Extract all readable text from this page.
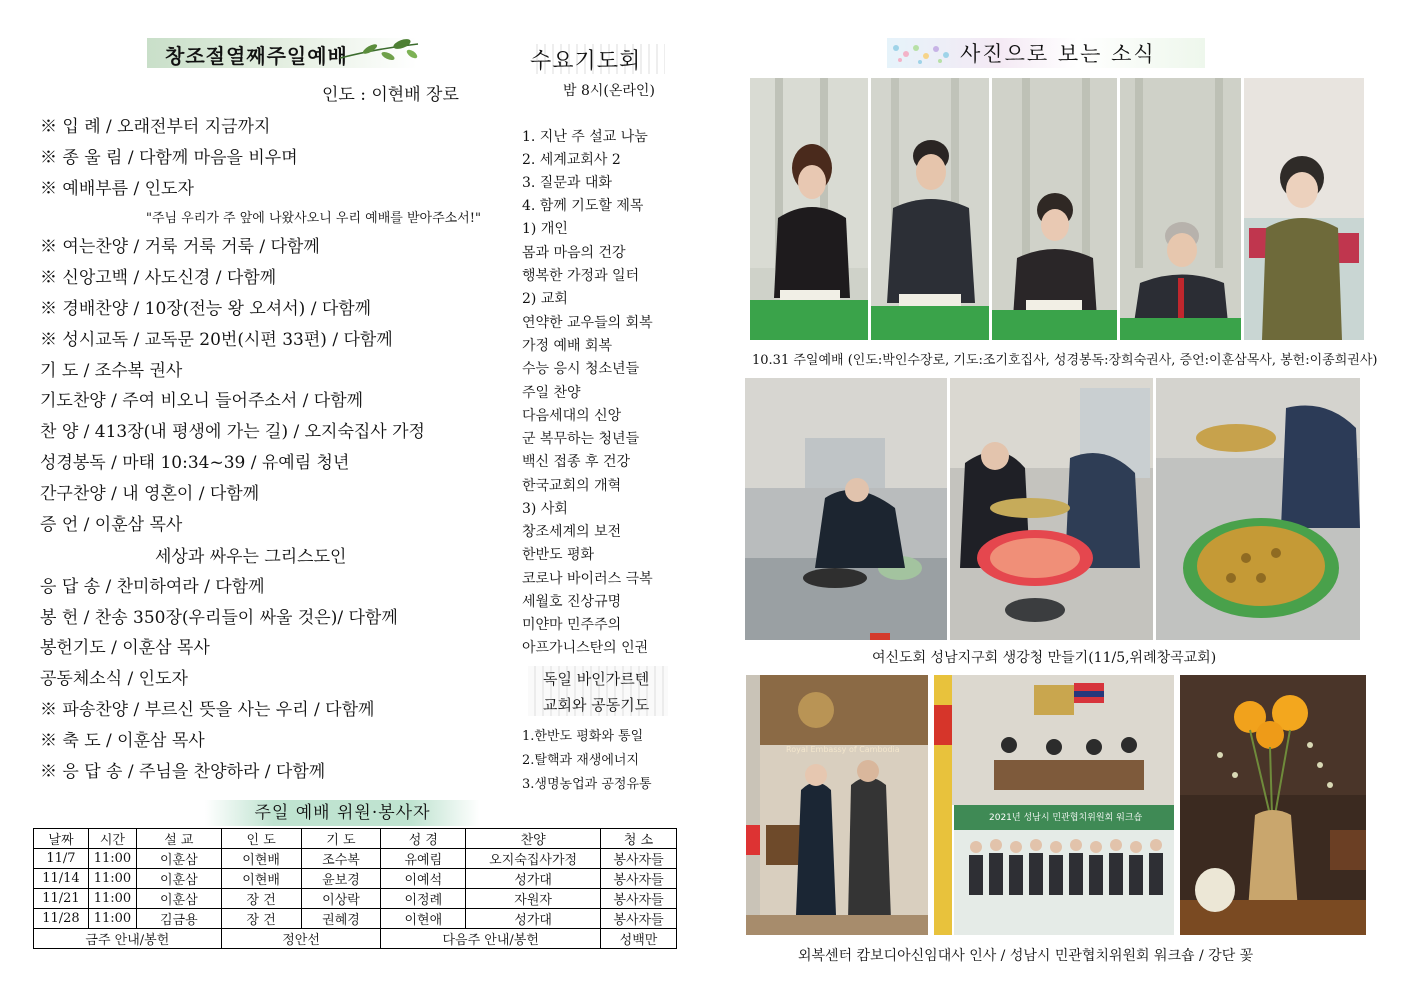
창조절열째주일예배
인도 : 이현배 장로
※ 입 례 / 오래전부터 지금까지
※ 종 울 림 / 다함께 마음을 비우며
※ 예배부름 / 인도자
"주님 우리가 주 앞에 나왔사오니 우리 예배를 받아주소서!"
※ 여는찬양 / 거룩 거룩 거룩 / 다함께
※ 신앙고백 / 사도신경 / 다함께
※ 경배찬양 / 10장(전능 왕 오셔서) / 다함께
※ 성시교독 / 교독문 20번(시편 33편) / 다함께
기 도 / 조수복 권사
기도찬양 / 주여 비오니 들어주소서 / 다함께
찬 양 / 413장(내 평생에 가는 길) / 오지숙집사 가정
성경봉독 / 마태 10:34~39 / 유예림 청년
간구찬양 / 내 영혼이 / 다함께
증 언 / 이훈삼 목사
세상과 싸우는 그리스도인
응 답 송 / 찬미하여라 / 다함께
봉 헌 / 찬송 350장(우리들이 싸울 것은)/ 다함께
봉헌기도 / 이훈삼 목사
공동체소식 / 인도자
※ 파송찬양 / 부르신 뜻을 사는 우리 / 다함께
※ 축 도 / 이훈삼 목사
※ 응 답 송 / 주님을 찬양하라 / 다함께
수요기도회
밤 8시(온라인)
1. 지난 주 설교 나눔
2. 세계교회사 2
3. 질문과 대화
4. 함께 기도할 제목
1) 개인
몸과 마음의 건강
행복한 가정과 일터
2) 교회
연약한 교우들의 회복
가정 예배 회복
수능 응시 청소년들
주일 찬양
다음세대의 신앙
군 복무하는 청년들
백신 접종 후 건강
한국교회의 개혁
3) 사회
창조세계의 보전
한반도 평화
코로나 바이러스 극복
세월호 진상규명
미얀마 민주주의
아프가니스탄의 인권
독일 바인가르텐
교회와 공동기도
1.한반도 평화와 통일
2.탈핵과 재생에너지
3.생명농업과 공정유통
주일 예배 위원·봉사자
날짜	시간	설 교	인 도	기 도	성 경	찬양	청 소
11/7	11:00	이훈삼	이현배	조수복	유예림	오지숙집사가정	봉사자들
11/14	11:00	이훈삼	이현배	윤보경	이예석	성가대	봉사자들
11/21	11:00	이훈삼	장 건	이상락	이정례	자원자	봉사자들
11/28	11:00	김금용	장 건	권혜경	이현애	성가대	봉사자들
금주 안내/봉헌			정안선		다음주 안내/봉헌		성백만
사진으로 보는 소식
10.31 주일예배 (인도:박인수장로, 기도:조기호집사, 성경봉독:장희숙권사, 증언:이훈삼목사, 봉헌:이종희권사)
여신도회 성남지구회 생강청 만들기(11/5,위례창곡교회)
Royal Embassy of Cambodia
2021년 성남시 민관협치위원회 워크숍
외복센터 캄보디아신임대사 인사 / 성남시 민관협치위원회 워크숍 / 강단 꽃
